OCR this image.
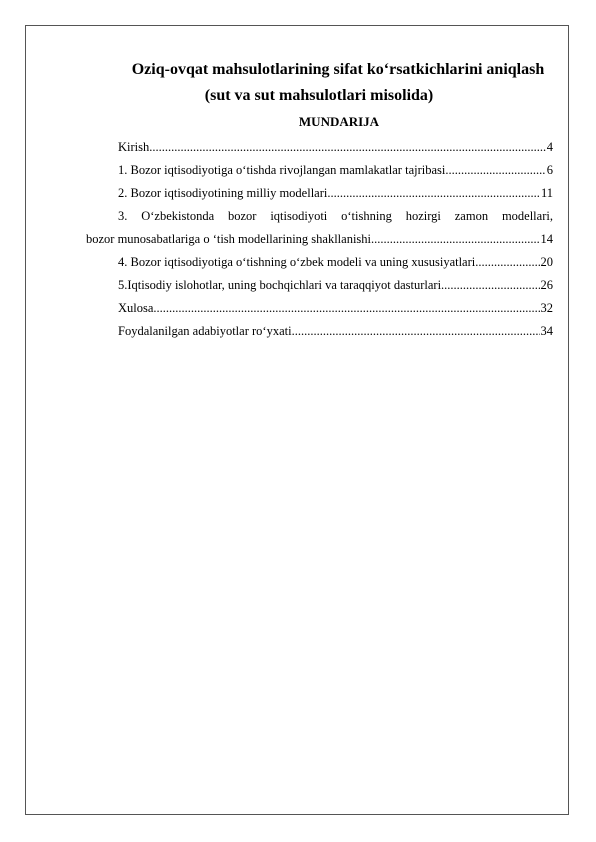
Oziq-ovqat mahsulotlarining sifat ko‘rsatkichlarini aniqlash
(sut va sut mahsulotlari misolida)
MUNDARIJA
Kirish .....	4
1. Bozor iqtisodiyotiga o‘tishda rivojlangan mamlakatlar tajribasi .....	6
2. Bozor iqtisodiyotining milliy modellari .....	11
3. O‘zbekistonda bozor iqtisodiyoti o‘tishning hozirgi zamon modellari,
bozor munosabatlariga o ‘tish modellarining shakllanishi .....	14
4. Bozor iqtisodiyotiga o‘tishning o‘zbek modeli va uning xususiyatlari .....	20
5.Iqtisodiy islohotlar, uning bochqichlari va taraqqiyot dasturlari .....	26
Xulosa .....	32
Foydalanilgan adabiyotlar ro‘yxati .....	34
